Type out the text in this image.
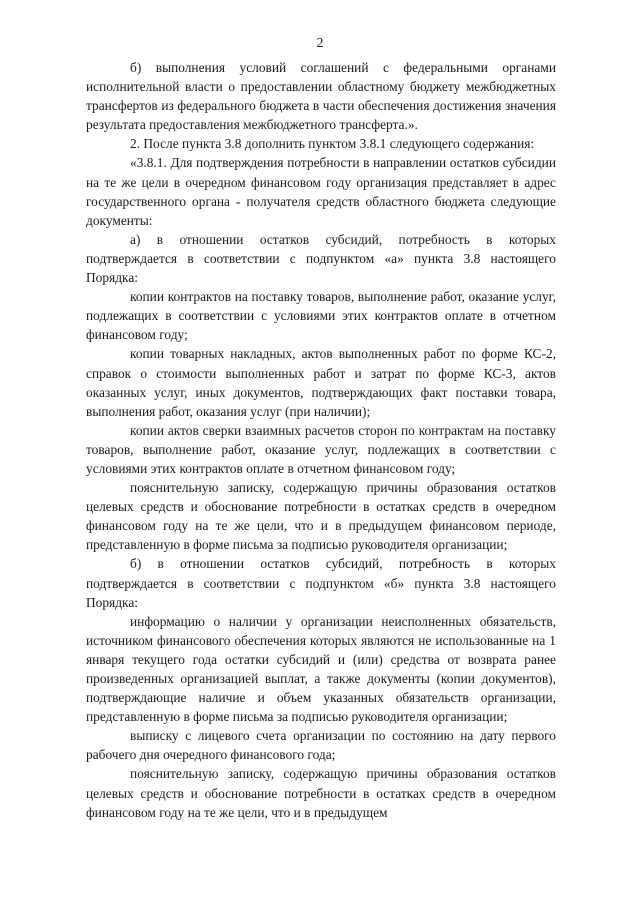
2

б) выполнения условий соглашений с федеральными органами исполнительной власти о предоставлении областному бюджету межбюджетных трансфертов из федерального бюджета в части обеспечения достижения значения результата предоставления межбюджетного трансферта.».

2. После пункта 3.8 дополнить пунктом 3.8.1 следующего содержания:

«3.8.1. Для подтверждения потребности в направлении остатков субсидии на те же цели в очередном финансовом году организация представляет в адрес государственного органа - получателя средств областного бюджета следующие документы:

а) в отношении остатков субсидий, потребность в которых подтверждается в соответствии с подпунктом «а» пункта 3.8 настоящего Порядка:

копии контрактов на поставку товаров, выполнение работ, оказание услуг, подлежащих в соответствии с условиями этих контрактов оплате в отчетном финансовом году;

копии товарных накладных, актов выполненных работ по форме КС-2, справок о стоимости выполненных работ и затрат по форме КС-3, актов оказанных услуг, иных документов, подтверждающих факт поставки товара, выполнения работ, оказания услуг (при наличии);

копии актов сверки взаимных расчетов сторон по контрактам на поставку товаров, выполнение работ, оказание услуг, подлежащих в соответствии с условиями этих контрактов оплате в отчетном финансовом году;

пояснительную записку, содержащую причины образования остатков целевых средств и обоснование потребности в остатках средств в очередном финансовом году на те же цели, что и в предыдущем финансовом периоде, представленную в форме письма за подписью руководителя организации;

б) в отношении остатков субсидий, потребность в которых подтверждается в соответствии с подпунктом «б» пункта 3.8 настоящего Порядка:

информацию о наличии у организации неисполненных обязательств, источником финансового обеспечения которых являются не использованные на 1 января текущего года остатки субсидий и (или) средства от возврата ранее произведенных организацией выплат, а также документы (копии документов), подтверждающие наличие и объем указанных обязательств организации, представленную в форме письма за подписью руководителя организации;

выписку с лицевого счета организации по состоянию на дату первого рабочего дня очередного финансового года;

пояснительную записку, содержащую причины образования остатков целевых средств и обоснование потребности в остатках средств в очередном финансовом году на те же цели, что и в предыдущем
